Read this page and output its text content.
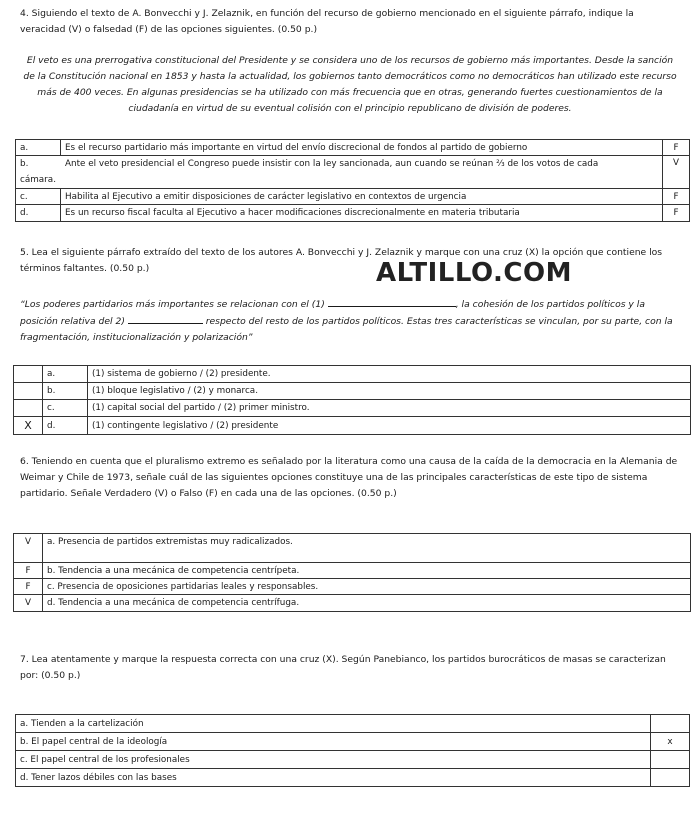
4. Siguiendo el texto de A. Bonvecchi y J. Zelaznik, en función del recurso de gobierno mencionado en el siguiente párrafo, indique la veracidad (V) o falsedad (F) de las opciones siguientes. (0.50 p.)

El veto es una prerrogativa constitucional del Presidente y se considera uno de los recursos de gobierno más importantes. Desde la sanción de la Constitución nacional en 1853 y hasta la actualidad, los gobiernos tanto democráticos como no democráticos han utilizado este recurso más de 400 veces. En algunas presidencias se ha utilizado con más frecuencia que en otras, generando fuertes cuestionamientos de la ciudadanía en virtud de su eventual colisión con el principio republicano de división de poderes.

a.	Es el recurso partidario más importante en virtud del envío discrecional de fondos al partido de gobierno	F

b. Ante el veto presidencial el Congreso puede insistir con la ley sancionada, aun cuando se reúnan ⅔ de los votos de cada
cámara.		V
c.	Habilita al Ejecutivo a emitir disposiciones de carácter legislativo en contextos de urgencia	F
d.	Es un recurso fiscal faculta al Ejecutivo a hacer modificaciones discrecionalmente en materia tributaria	F

5. Lea el siguiente párrafo extraído del texto de los autores A. Bonvecchi y J. Zelaznik y marque con una cruz (X) la opción que contiene los términos faltantes. (0.50 p.)	ALTILLO.COM

“Los poderes partidarios más importantes se relacionan con el (1)	, la cohesión de los partidos políticos y la posición relativa del 2)	respecto del resto de los partidos políticos. Estas tres características se vinculan, por su parte, con la fragmentación, institucionalización y polarización”

	a.	(1) sistema de gobierno / (2) presidente.
	b.	(1) bloque legislativo / (2) y monarca.
	c.	(1) capital social del partido / (2) primer ministro.
X	d.	(1) contingente legislativo / (2) presidente

6. Teniendo en cuenta que el pluralismo extremo es señalado por la literatura como una causa de la caída de la democracia en la Alemania de Weimar y Chile de 1973, señale cuál de las siguientes opciones constituye una de las principales características de este tipo de sistema partidario. Señale Verdadero (V) o Falso (F) en cada una de las opciones. (0.50 p.)

V	a. Presencia de partidos extremistas muy radicalizados.
F	b. Tendencia a una mecánica de competencia centrípeta.
F	c. Presencia de oposiciones partidarias leales y responsables.
V	d. Tendencia a una mecánica de competencia centrífuga.

7. Lea atentamente y marque la respuesta correcta con una cruz (X). Según Panebianco, los partidos burocráticos de masas se caracterizan por: (0.50 p.)

a. Tienden a la cartelización	
b. El papel central de la ideología	x
c. El papel central de los profesionales	
d. Tener lazos débiles con las bases	
